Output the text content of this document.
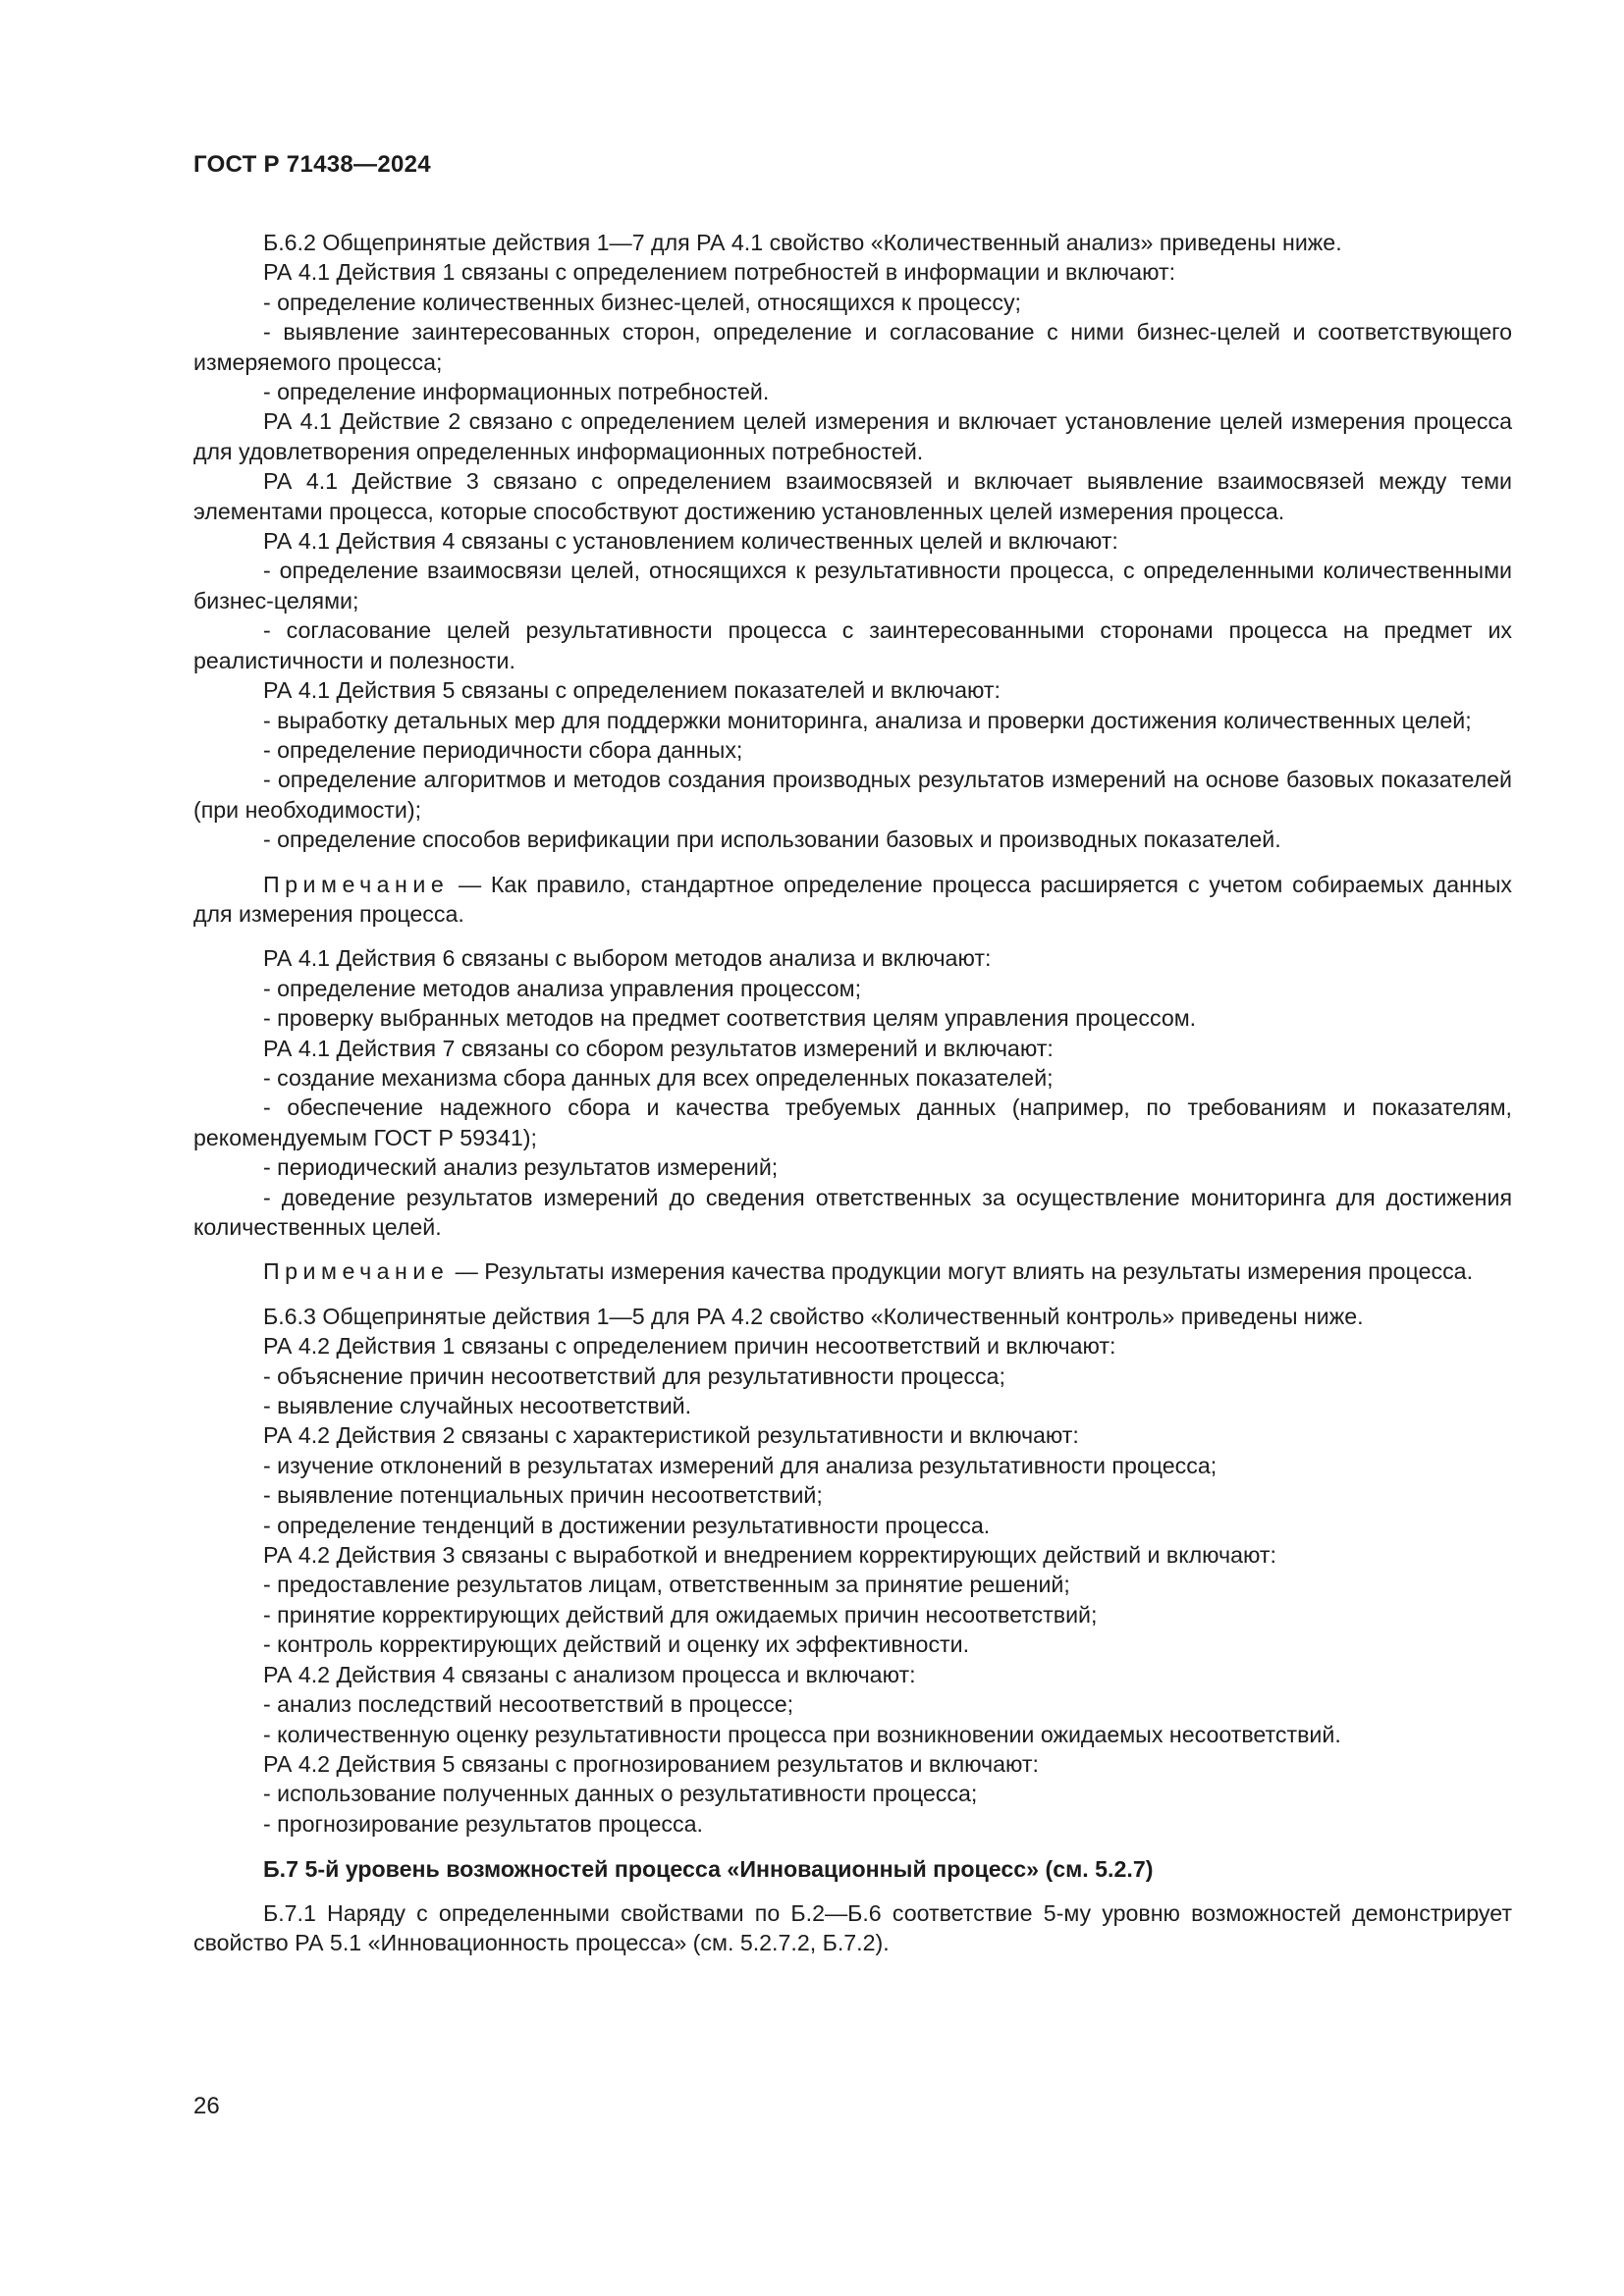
ГОСТ Р 71438—2024

Б.6.2 Общепринятые действия 1—7 для РА 4.1 свойство «Количественный анализ» приведены ниже.

РА 4.1 Действия 1 связаны с определением потребностей в информации и включают:

- определение количественных бизнес-целей, относящихся к процессу;

- выявление заинтересованных сторон, определение и согласование с ними бизнес-целей и соответствующего измеряемого процесса;

- определение информационных потребностей.

РА 4.1 Действие 2 связано с определением целей измерения и включает установление целей измерения процесса для удовлетворения определенных информационных потребностей.

РА 4.1 Действие 3 связано с определением взаимосвязей и включает выявление взаимосвязей между теми элементами процесса, которые способствуют достижению установленных целей измерения процесса.

РА 4.1 Действия 4 связаны с установлением количественных целей и включают:

- определение взаимосвязи целей, относящихся к результативности процесса, с определенными количественными бизнес-целями;

- согласование целей результативности процесса с заинтересованными сторонами процесса на предмет их реалистичности и полезности.

РА 4.1 Действия 5 связаны с определением показателей и включают:

- выработку детальных мер для поддержки мониторинга, анализа и проверки достижения количественных целей;

- определение периодичности сбора данных;

- определение алгоритмов и методов создания производных результатов измерений на основе базовых показателей (при необходимости);

- определение способов верификации при использовании базовых и производных показателей.

Примечание — Как правило, стандартное определение процесса расширяется с учетом собираемых данных для измерения процесса.

РА 4.1 Действия 6 связаны с выбором методов анализа и включают:

- определение методов анализа управления процессом;

- проверку выбранных методов на предмет соответствия целям управления процессом.

РА 4.1 Действия 7 связаны со сбором результатов измерений и включают:

- создание механизма сбора данных для всех определенных показателей;

- обеспечение надежного сбора и качества требуемых данных (например, по требованиям и показателям, рекомендуемым ГОСТ Р 59341);

- периодический анализ результатов измерений;

- доведение результатов измерений до сведения ответственных за осуществление мониторинга для достижения количественных целей.

Примечание — Результаты измерения качества продукции могут влиять на результаты измерения процесса.

Б.6.3 Общепринятые действия 1—5 для РА 4.2 свойство «Количественный контроль» приведены ниже.

РА 4.2 Действия 1 связаны с определением причин несоответствий и включают:

- объяснение причин несоответствий для результативности процесса;

- выявление случайных несоответствий.

РА 4.2 Действия 2 связаны с характеристикой результативности и включают:

- изучение отклонений в результатах измерений для анализа результативности процесса;

- выявление потенциальных причин несоответствий;

- определение тенденций в достижении результативности процесса.

РА 4.2 Действия 3 связаны с выработкой и внедрением корректирующих действий и включают:

- предоставление результатов лицам, ответственным за принятие решений;

- принятие корректирующих действий для ожидаемых причин несоответствий;

- контроль корректирующих действий и оценку их эффективности.

РА 4.2 Действия 4 связаны с анализом процесса и включают:

- анализ последствий несоответствий в процессе;

- количественную оценку результативности процесса при возникновении ожидаемых несоответствий.

РА 4.2 Действия 5 связаны с прогнозированием результатов и включают:

- использование полученных данных о результативности процесса;

- прогнозирование результатов процесса.

Б.7 5-й уровень возможностей процесса «Инновационный процесс» (см. 5.2.7)

Б.7.1 Наряду с определенными свойствами по Б.2—Б.6 соответствие 5-му уровню возможностей демонстрирует свойство РА 5.1 «Инновационность процесса» (см. 5.2.7.2, Б.7.2).

26
